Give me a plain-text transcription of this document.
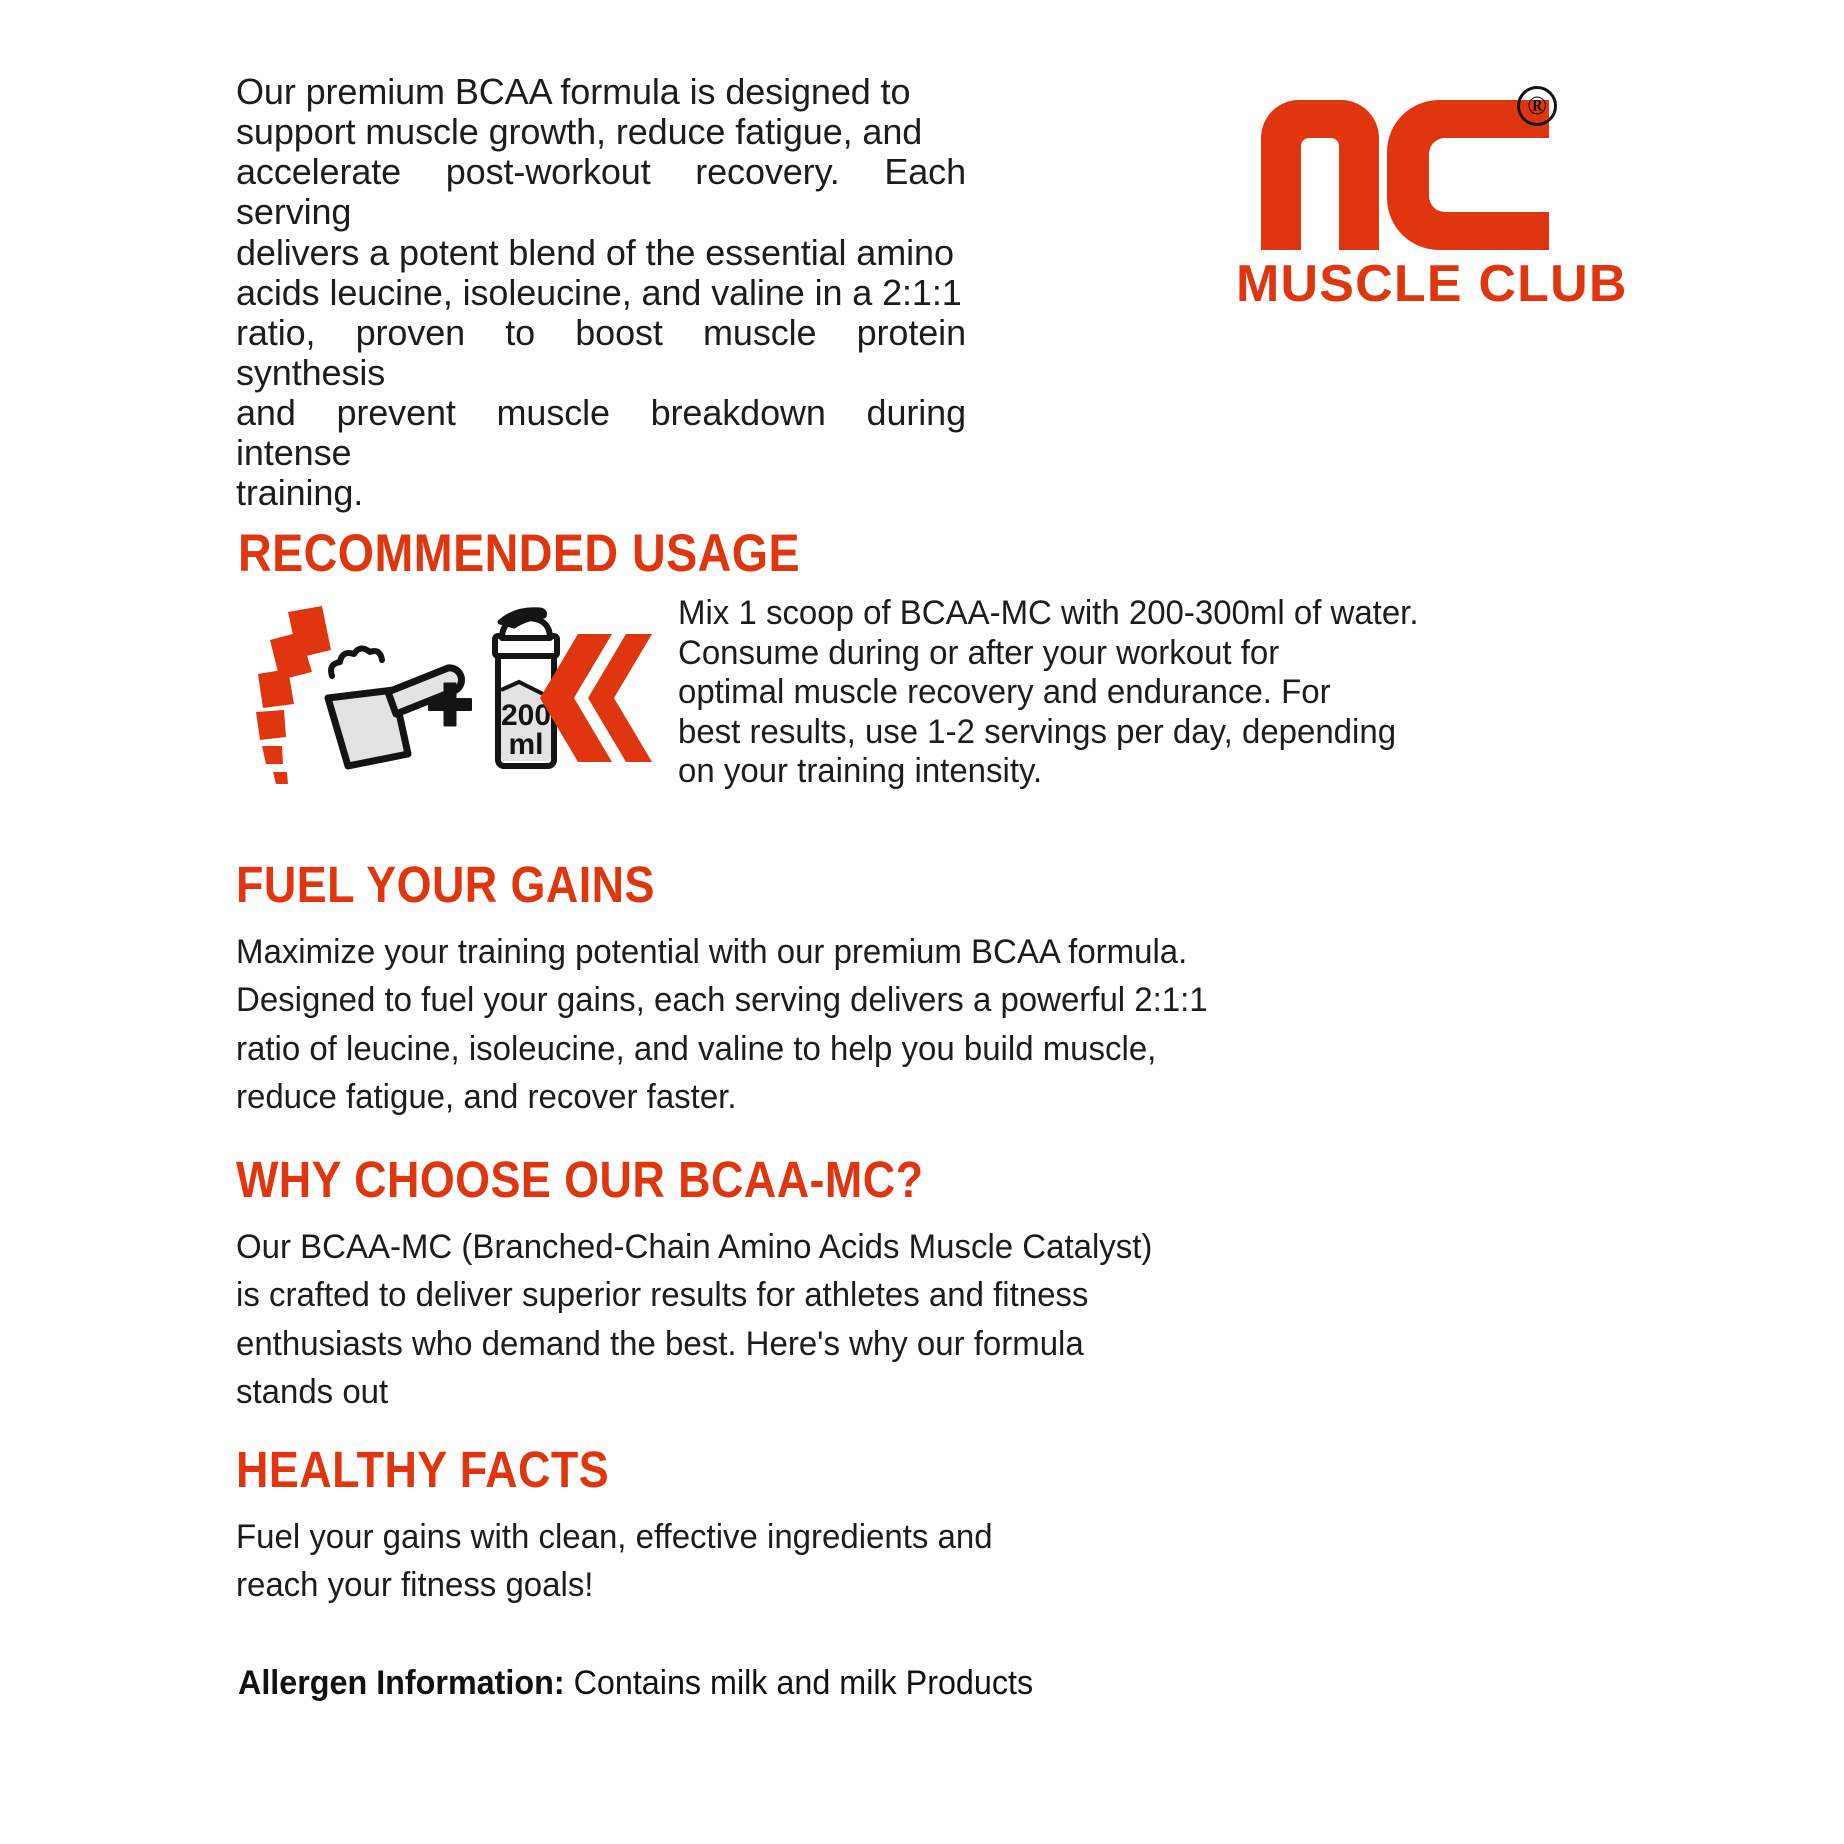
Our premium BCAA formula is designed to
support muscle growth, reduce fatigue, and
accelerate post-workout recovery. Each serving
delivers a potent blend of the essential amino
acids leucine, isoleucine, and valine in a 2:1:1
ratio, proven to boost muscle protein synthesis
and prevent muscle breakdown during intense
training.
®
MUSCLE CLUB
RECOMMENDED USAGE
200
ml
Mix 1 scoop of BCAA-MC with 200-300ml of water.
Consume during or after your workout for
optimal muscle recovery and endurance. For
best results, use 1-2 servings per day, depending
on your training intensity.
FUEL YOUR GAINS

Maximize your training potential with our premium BCAA formula.
Designed to fuel your gains, each serving delivers a powerful 2:1:1
ratio of leucine, isoleucine, and valine to help you build muscle,
reduce fatigue, and recover faster.

WHY CHOOSE OUR BCAA-MC?

Our BCAA-MC (Branched-Chain Amino Acids Muscle Catalyst)
is crafted to deliver superior results for athletes and fitness
enthusiasts who demand the best. Here's why our formula
stands out

HEALTHY FACTS

Fuel your gains with clean, effective ingredients and
reach your fitness goals!

Allergen Information: Contains milk and milk Products
